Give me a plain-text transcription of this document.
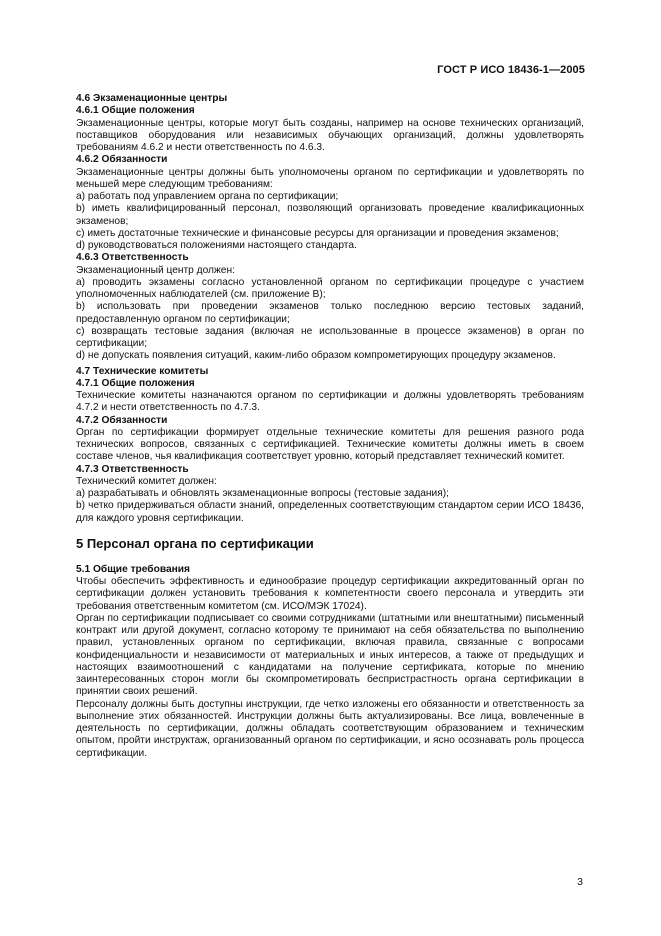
ГОСТ Р ИСО 18436-1—2005
4.6 Экзаменационные центры
4.6.1 Общие положения

Экзаменационные центры, которые могут быть созданы, например на основе технических организаций, поставщиков оборудования или независимых обучающих организаций, должны удовлетворять требованиям 4.6.2 и нести ответственность по 4.6.3.

4.6.2 Обязанности

Экзаменационные центры должны быть уполномочены органом по сертификации и удовлетворять по меньшей мере следующим требованиям:

a) работать под управлением органа по сертификации;

b) иметь квалифицированный персонал, позволяющий организовать проведение квалификационных экзаменов;

c) иметь достаточные технические и финансовые ресурсы для организации и проведения экзаменов;

d) руководствоваться положениями настоящего стандарта.

4.6.3 Ответственность

Экзаменационный центр должен:

a) проводить экзамены согласно установленной органом по сертификации процедуре с участием уполномоченных наблюдателей (см. приложение B);

b) использовать при проведении экзаменов только последнюю версию тестовых заданий, предоставленную органом по сертификации;

c) возвращать тестовые задания (включая не использованные в процессе экзаменов) в орган по сертификации;

d) не допускать появления ситуаций, каким-либо образом компрометирующих процедуру экзаменов.

4.7 Технические комитеты
4.7.1 Общие положения

Технические комитеты назначаются органом по сертификации и должны удовлетворять требованиям 4.7.2 и нести ответственность по 4.7.3.

4.7.2 Обязанности

Орган по сертификации формирует отдельные технические комитеты для решения разного рода технических вопросов, связанных с сертификацией. Технические комитеты должны иметь в своем составе членов, чья квалификация соответствует уровню, который представляет технический комитет.

4.7.3 Ответственность

Технический комитет должен:

a) разрабатывать и обновлять экзаменационные вопросы (тестовые задания);

b) четко придерживаться области знаний, определенных соответствующим стандартом серии ИСО 18436, для каждого уровня сертификации.

5 Персонал органа по сертификации
5.1 Общие требования

Чтобы обеспечить эффективность и единообразие процедур сертификации аккредитованный орган по сертификации должен установить требования к компетентности своего персонала и утвердить эти требования ответственным комитетом (см. ИСО/МЭК 17024).

Орган по сертификации подписывает со своими сотрудниками (штатными или внештатными) письменный контракт или другой документ, согласно которому те принимают на себя обязательства по выполнению правил, установленных органом по сертификации, включая правила, связанные с вопросами конфиденциальности и независимости от материальных и иных интересов, а также от предыдущих и настоящих взаимоотношений с кандидатами на получение сертификата, которые по мнению заинтересованных сторон могли бы скомпрометировать беспристрастность органа сертификации в принятии своих решений.

Персоналу должны быть доступны инструкции, где четко изложены его обязанности и ответственность за выполнение этих обязанностей. Инструкции должны быть актуализированы. Все лица, вовлеченные в деятельность по сертификации, должны обладать соответствующим образованием и техническим опытом, пройти инструктаж, организованный органом по сертификации, и ясно осознавать роль процесса сертификации.

3
